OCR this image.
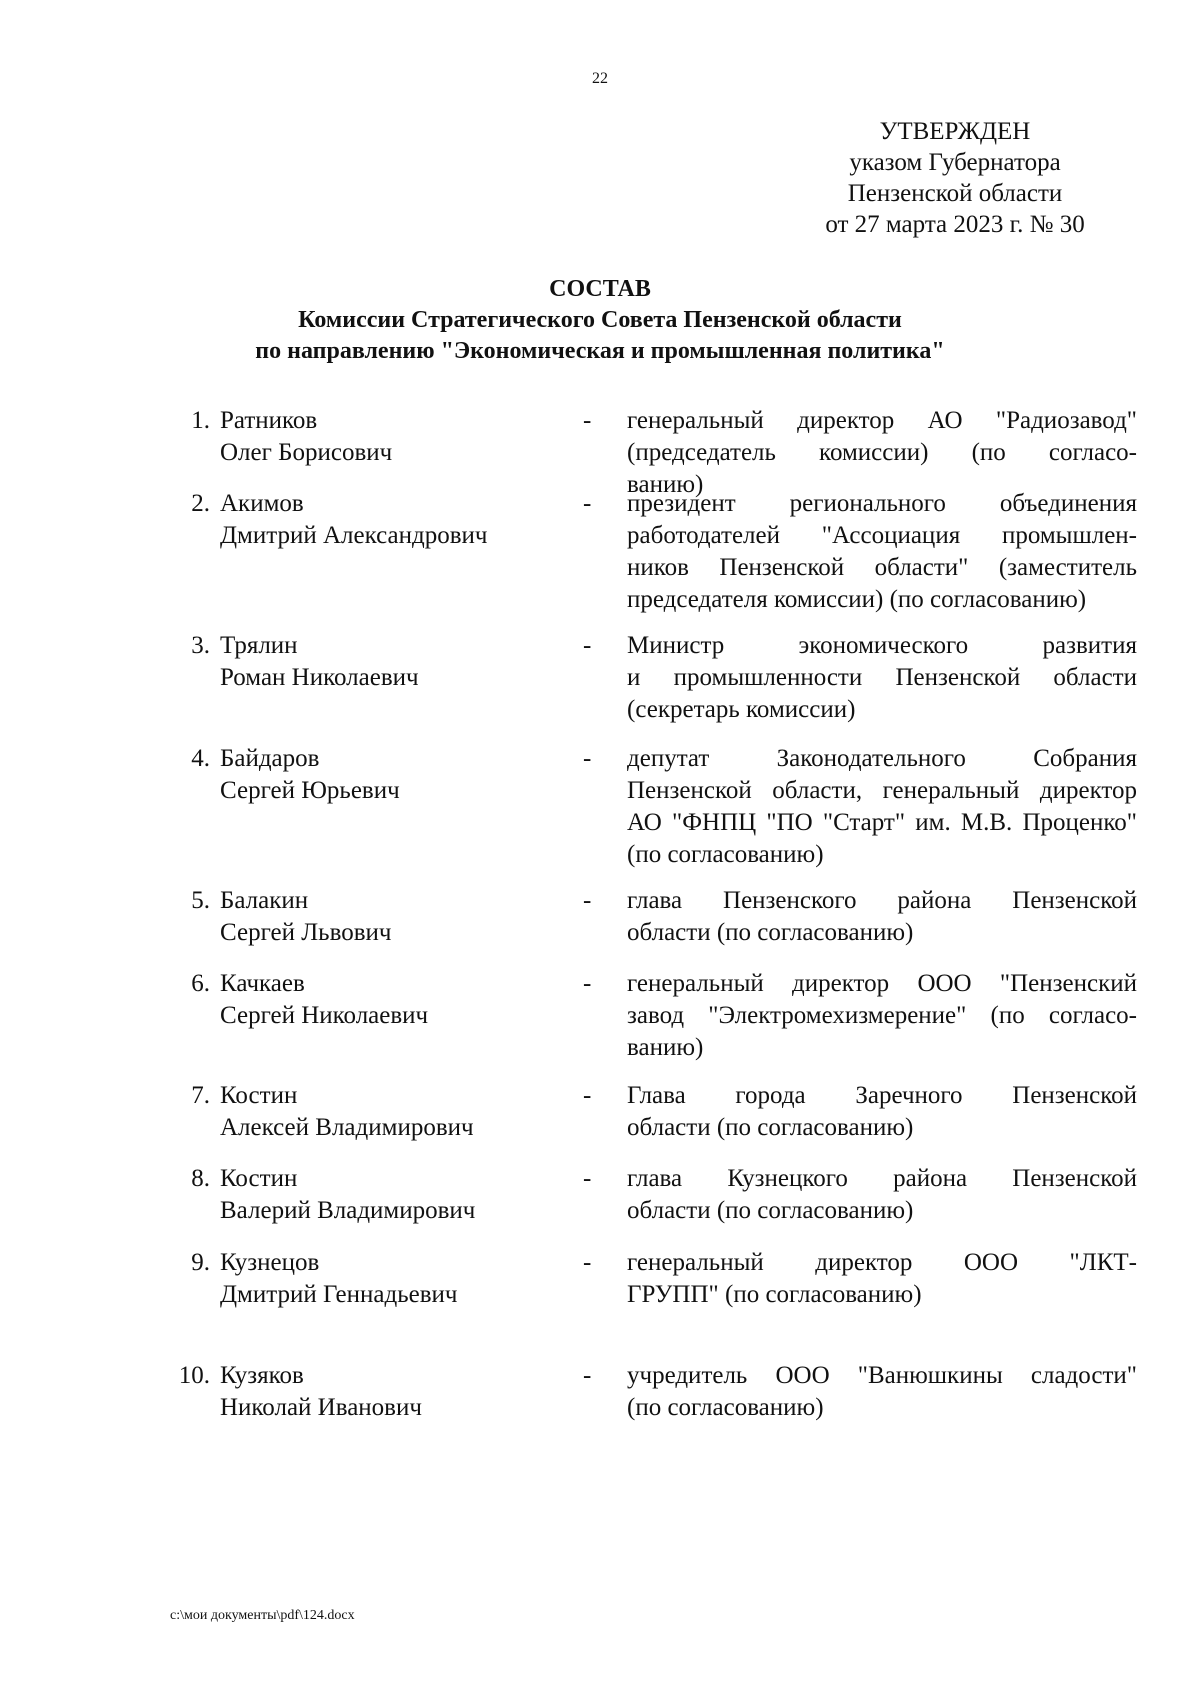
22
УТВЕРЖДЕН
указом Губернатора
Пензенской области
от 27 марта 2023 г. № 30
СОСТАВ
Комиссии Стратегического Совета Пензенской области
по направлению "Экономическая и промышленная политика"
1. Ратников
Олег Борисович
-	генеральный директор АО "Радиозавод"
(председатель комиссии) (по согласо-
ванию)
2. Акимов
Дмитрий Александрович
-	президент регионального объединения
работодателей "Ассоциация промышлен-
ников Пензенской области" (заместитель
председателя комиссии) (по согласованию)
3. Трялин
Роман Николаевич
-	Министр экономического развития
и промышленности Пензенской области
(секретарь комиссии)
4. Байдаров
Сергей Юрьевич
-	депутат Законодательного Собрания
Пензенской области, генеральный директор
АО "ФНПЦ "ПО "Старт" им. М.В. Проценко"
(по согласованию)
5. Балакин
Сергей Львович
-	глава Пензенского района Пензенской
области (по согласованию)
6. Качкаев
Сергей Николаевич
-	генеральный директор ООО "Пензенский
завод "Электромехизмерение" (по согласо-
ванию)
7. Костин
Алексей Владимирович
-	Глава города Заречного Пензенской
области (по согласованию)
8. Костин
Валерий Владимирович
-	глава Кузнецкого района Пензенской
области (по согласованию)
9. Кузнецов
Дмитрий Геннадьевич
-	генеральный директор ООО "ЛКТ-
ГРУПП" (по согласованию)
10. Кузяков
Николай Иванович
-	учредитель ООО "Ванюшкины сладости"
(по согласованию)
c:\мои документы\pdf\124.docx
